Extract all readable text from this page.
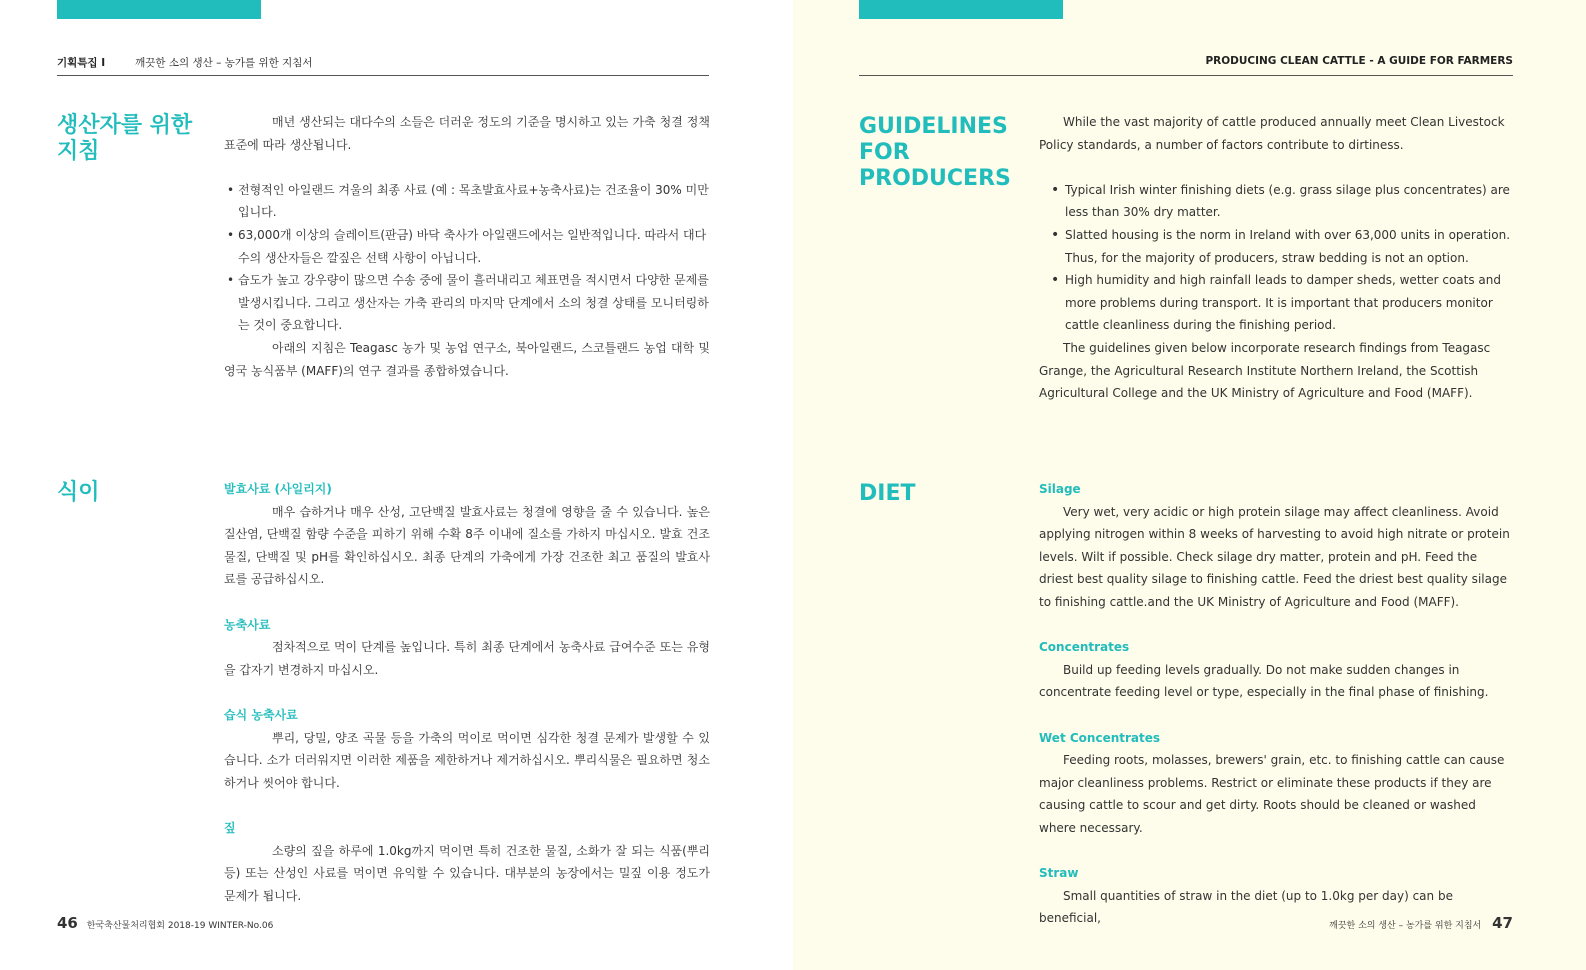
기획특집 I	깨끗한 소의 생산 – 농가를 위한 지침서
생산자를 위한
지침

매년 생산되는 대다수의 소들은 더러운 정도의 기준을 명시하고 있는 가축 청결 정책 표준에 따라 생산됩니다.

• 전형적인 아일랜드 겨울의 최종 사료 (예 : 목초발효사료+농축사료)는 건조율이 30% 미만입니다.
• 63,000개 이상의 슬레이트(판금) 바닥 축사가 아일랜드에서는 일반적입니다. 따라서 대다수의 생산자들은 깔짚은 선택 사항이 아닙니다.
• 습도가 높고 강우량이 많으면 수송 중에 물이 흘러내리고 체표면을 적시면서 다양한 문제를 발생시킵니다. 그리고 생산자는 가축 관리의 마지막 단계에서 소의 청결 상태를 모니터링하는 것이 중요합니다.

아래의 지침은 Teagasc 농가 및 농업 연구소, 북아일랜드, 스코틀랜드 농업 대학 및 영국 농식품부 (MAFF)의 연구 결과를 종합하였습니다.

식이	발효사료 (사일리지)

매우 습하거나 매우 산성, 고단백질 발효사료는 청결에 영향을 줄 수 있습니다. 높은 질산염, 단백질 함량 수준을 피하기 위해 수확 8주 이내에 질소를 가하지 마십시오. 발효 건조 물질, 단백질 및 pH를 확인하십시오. 최종 단계의 가축에게 가장 건조한 최고 품질의 발효사료를 공급하십시오.

농축사료

점차적으로 먹이 단계를 높입니다. 특히 최종 단계에서 농축사료 급여수준 또는 유형을 갑자기 변경하지 마십시오.

습식 농축사료

뿌리, 당밀, 양조 곡물 등을 가축의 먹이로 먹이면 심각한 청결 문제가 발생할 수 있습니다. 소가 더러워지면 이러한 제품을 제한하거나 제거하십시오. 뿌리식물은 필요하면 청소하거나 씻어야 합니다.

짚

소량의 짚을 하루에 1.0kg까지 먹이면 특히 건조한 물질, 소화가 잘 되는 식품(뿌리 등) 또는 산성인 사료를 먹이면 유익할 수 있습니다. 대부분의 농장에서는 밀짚 이용 정도가 문제가 됩니다.

46 한국축산물처리협회 2018-19 WINTER-No.06
PRODUCING CLEAN CATTLE - A GUIDE FOR FARMERS
GUIDELINES
FOR
PRODUCERS

While the vast majority of cattle produced annually meet Clean Livestock Policy standards, a number of factors contribute to dirtiness.

• Typical Irish winter finishing diets (e.g. grass silage plus concentrates) are less than 30% dry matter.
• Slatted housing is the norm in Ireland with over 63,000 units in operation. Thus, for the majority of producers, straw bedding is not an option.
• High humidity and high rainfall leads to damper sheds, wetter coats and more problems during transport. It is important that producers monitor cattle cleanliness during the finishing period.

The guidelines given below incorporate research findings from Teagasc Grange, the Agricultural Research Institute Northern Ireland, the Scottish Agricultural College and the UK Ministry of Agriculture and Food (MAFF).

DIET	Silage

Very wet, very acidic or high protein silage may affect cleanliness. Avoid applying nitrogen within 8 weeks of harvesting to avoid high nitrate or protein levels. Wilt if possible. Check silage dry matter, protein and pH. Feed the driest best quality silage to finishing cattle. Feed the driest best quality silage to finishing cattle.and the UK Ministry of Agriculture and Food (MAFF).

Concentrates

Build up feeding levels gradually. Do not make sudden changes in concentrate feeding level or type, especially in the final phase of finishing.

Wet Concentrates

Feeding roots, molasses, brewers' grain, etc. to finishing cattle can cause major cleanliness problems. Restrict or eliminate these products if they are causing cattle to scour and get dirty. Roots should be cleaned or washed where necessary.

Straw

Small quantities of straw in the diet (up to 1.0kg per day) can be beneficial,

깨끗한 소의 생산 – 농가를 위한 지침서 47
